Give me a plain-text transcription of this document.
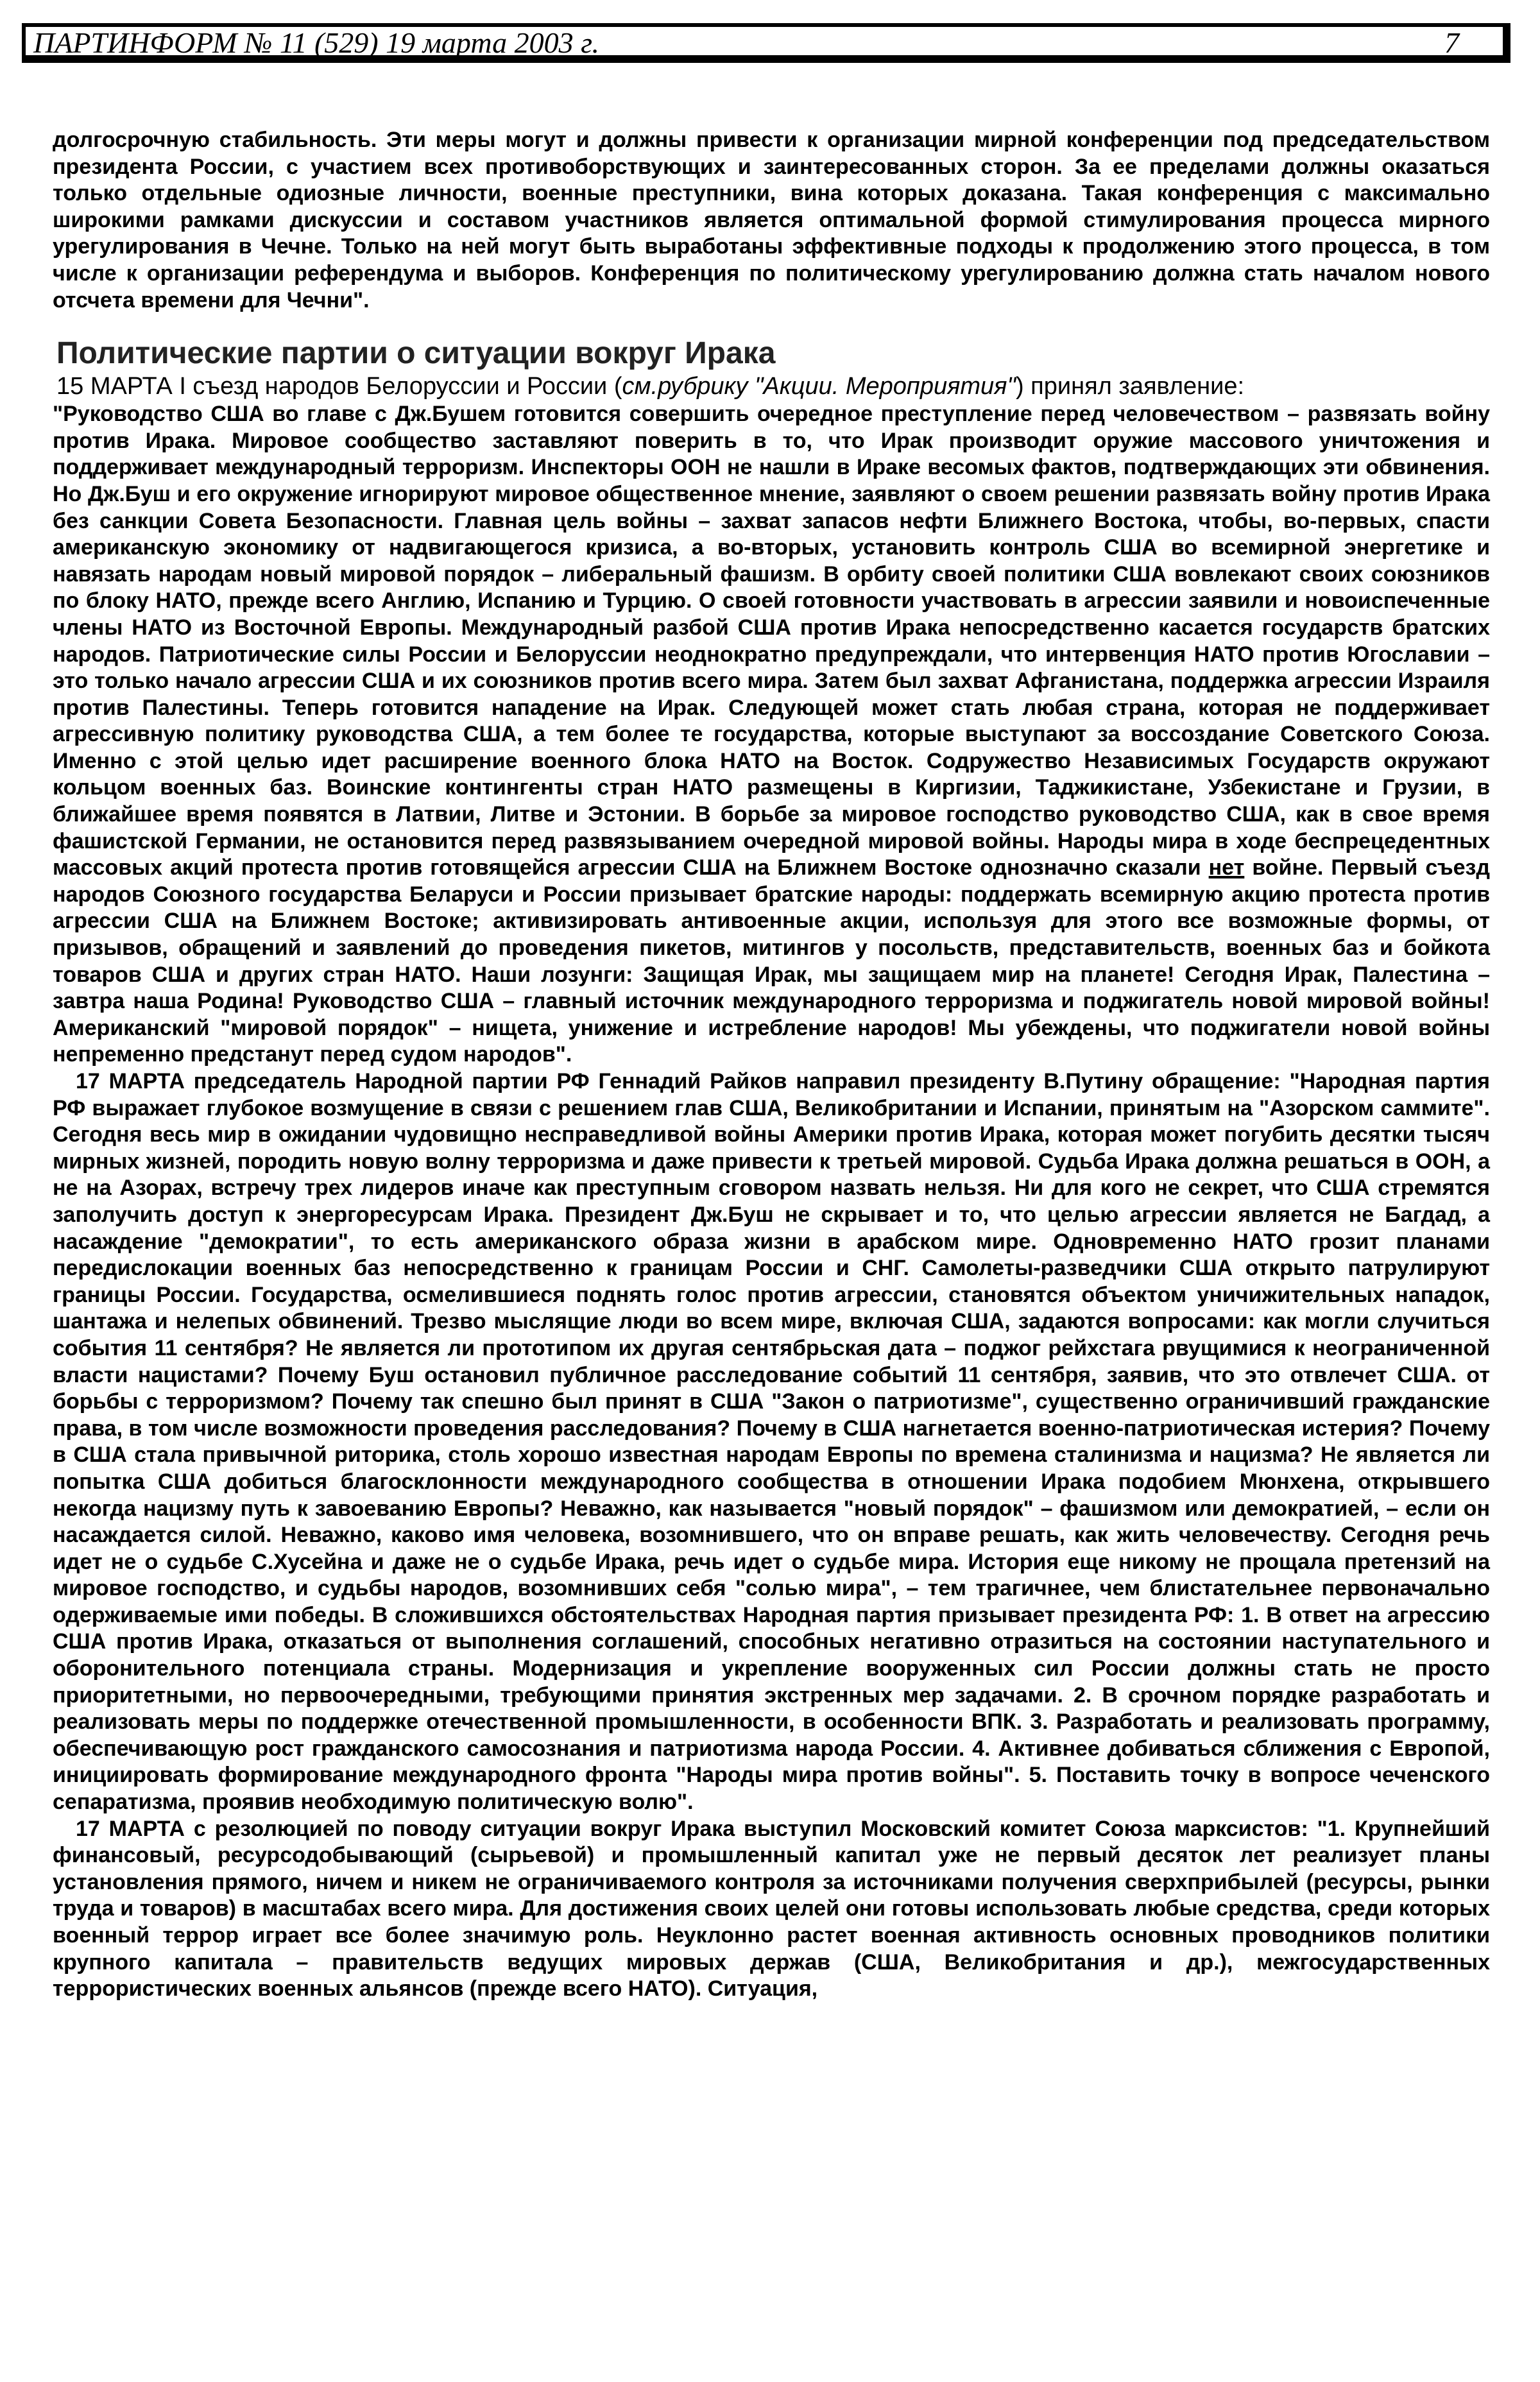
ПАРТИНФОРМ № 11 (529) 19 марта 2003 г.	7

долгосрочную стабильность. Эти меры могут и должны привести к организации мирной конференции под председательством президента России, с участием всех противоборствующих и заинтересованных сторон. За ее пределами должны оказаться только отдельные одиозные личности, военные преступники, вина которых доказана. Такая конференция с максимально широкими рамками дискуссии и составом участников является оптимальной формой стимулирования процесса мирного урегулирования в Чечне. Только на ней могут быть выработаны эффективные подходы к продолжению этого процесса, в том числе к организации референдума и выборов. Конференция по политическому урегулированию должна стать началом нового отсчета времени для Чечни".

Политические партии о ситуации вокруг Ирака

15 МАРТА I съезд народов Белоруссии и России (см.рубрику "Акции. Мероприятия") принял заявление:

"Руководство США во главе с Дж.Бушем готовится совершить очередное преступление перед человечеством – развязать войну против Ирака. Мировое сообщество заставляют поверить в то, что Ирак производит оружие массового уничтожения и поддерживает международный терроризм. Инспекторы ООН не нашли в Ираке весомых фактов, подтверждающих эти обвинения. Но Дж.Буш и его окружение игнорируют мировое общественное мнение, заявляют о своем решении развязать войну против Ирака без санкции Совета Безопасности. Главная цель войны – захват запасов нефти Ближнего Востока, чтобы, во-первых, спасти американскую экономику от надвигающегося кризиса, а во-вторых, установить контроль США во всемирной энергетике и навязать народам новый мировой порядок – либеральный фашизм. В орбиту своей политики США вовлекают своих союзников по блоку НАТО, прежде всего Англию, Испанию и Турцию. О своей готовности участвовать в агрессии заявили и новоиспеченные члены НАТО из Восточной Европы. Международный разбой США против Ирака непосредственно касается государств братских народов. Патриотические силы России и Белоруссии неоднократно предупреждали, что интервенция НАТО против Югославии – это только начало агрессии США и их союзников против всего мира. Затем был захват Афганистана, поддержка агрессии Израиля против Палестины. Теперь готовится нападение на Ирак. Следующей может стать любая страна, которая не поддерживает агрессивную политику руководства США, а тем более те государства, которые выступают за воссоздание Советского Союза. Именно с этой целью идет расширение военного блока НАТО на Восток. Содружество Независимых Государств окружают кольцом военных баз. Воинские контингенты стран НАТО размещены в Киргизии, Таджикистане, Узбекистане и Грузии, в ближайшее время появятся в Латвии, Литве и Эстонии. В борьбе за мировое господство руководство США, как в свое время фашистской Германии, не остановится перед развязыванием очередной мировой войны. Народы мира в ходе беспрецедентных массовых акций протеста против готовящейся агрессии США на Ближнем Востоке однозначно сказали нет войне. Первый съезд народов Союзного государства Беларуси и России призывает братские народы: поддержать всемирную акцию протеста против агрессии США на Ближнем Востоке; активизировать антивоенные акции, используя для этого все возможные формы, от призывов, обращений и заявлений до проведения пикетов, митингов у посольств, представительств, военных баз и бойкота товаров США и других стран НАТО. Наши лозунги: Защищая Ирак, мы защищаем мир на планете! Сегодня Ирак, Палестина – завтра наша Родина! Руководство США – главный источник международного терроризма и поджигатель новой мировой войны! Американский "мировой порядок" – нищета, унижение и истребление народов! Мы убеждены, что поджигатели новой войны непременно предстанут перед судом народов".

17 МАРТА председатель Народной партии РФ Геннадий Райков направил президенту В.Путину обращение: "Народная партия РФ выражает глубокое возмущение в связи с решением глав США, Великобритании и Испании, принятым на "Азорском саммите". Сегодня весь мир в ожидании чудовищно несправедливой войны Америки против Ирака, которая может погубить десятки тысяч мирных жизней, породить новую волну терроризма и даже привести к третьей мировой. Судьба Ирака должна решаться в ООН, а не на Азорах, встречу трех лидеров иначе как преступным сговором назвать нельзя. Ни для кого не секрет, что США стремятся заполучить доступ к энергоресурсам Ирака. Президент Дж.Буш не скрывает и то, что целью агрессии является не Багдад, а насаждение "демократии", то есть американского образа жизни в арабском мире. Одновременно НАТО грозит планами передислокации военных баз непосредственно к границам России и СНГ. Самолеты-разведчики США открыто патрулируют границы России. Государства, осмелившиеся поднять голос против агрессии, становятся объектом уничижительных нападок, шантажа и нелепых обвинений. Трезво мыслящие люди во всем мире, включая США, задаются вопросами: как могли случиться события 11 сентября? Не является ли прототипом их другая сентябрьская дата – поджог рейхстага рвущимися к неограниченной власти нацистами? Почему Буш остановил публичное расследование событий 11 сентября, заявив, что это отвлечет США. от борьбы с терроризмом? Почему так спешно был принят в США "Закон о патриотизме", существенно ограничивший гражданские права, в том числе возможности проведения расследования? Почему в США нагнетается военно-патриотическая истерия? Почему в США стала привычной риторика, столь хорошо известная народам Европы по времена сталинизма и нацизма? Не является ли попытка США добиться благосклонности международного сообщества в отношении Ирака подобием Мюнхена, открывшего некогда нацизму путь к завоеванию Европы? Неважно, как называется "новый порядок" – фашизмом или демократией, – если он насаждается силой. Неважно, каково имя человека, возомнившего, что он вправе решать, как жить человечеству. Сегодня речь идет не о судьбе С.Хусейна и даже не о судьбе Ирака, речь идет о судьбе мира. История еще никому не прощала претензий на мировое господство, и судьбы народов, возомнивших себя "солью мира", – тем трагичнее, чем блистательнее первоначально одерживаемые ими победы. В сложившихся обстоятельствах Народная партия призывает президента РФ: 1. В ответ на агрессию США против Ирака, отказаться от выполнения соглашений, способных негативно отразиться на состоянии наступательного и оборонительного потенциала страны. Модернизация и укрепление вооруженных сил России должны стать не просто приоритетными, но первоочередными, требующими принятия экстренных мер задачами. 2. В срочном порядке разработать и реализовать меры по поддержке отечественной промышленности, в особенности ВПК. 3. Разработать и реализовать программу, обеспечивающую рост гражданского самосознания и патриотизма народа России. 4. Активнее добиваться сближения с Европой, инициировать формирование международного фронта "Народы мира против войны". 5. Поставить точку в вопросе чеченского сепаратизма, проявив необходимую политическую волю".

17 МАРТА с резолюцией по поводу ситуации вокруг Ирака выступил Московский комитет Союза марксистов: "1. Крупнейший финансовый, ресурсодобывающий (сырьевой) и промышленный капитал уже не первый десяток лет реализует планы установления прямого, ничем и никем не ограничиваемого контроля за источниками получения сверхприбылей (ресурсы, рынки труда и товаров) в масштабах всего мира. Для достижения своих целей они готовы использовать любые средства, среди которых военный террор играет все более значимую роль. Неуклонно растет военная активность основных проводников политики крупного капитала – правительств ведущих мировых держав (США, Великобритания и др.), межгосударственных террористических военных альянсов (прежде всего НАТО). Ситуация,
